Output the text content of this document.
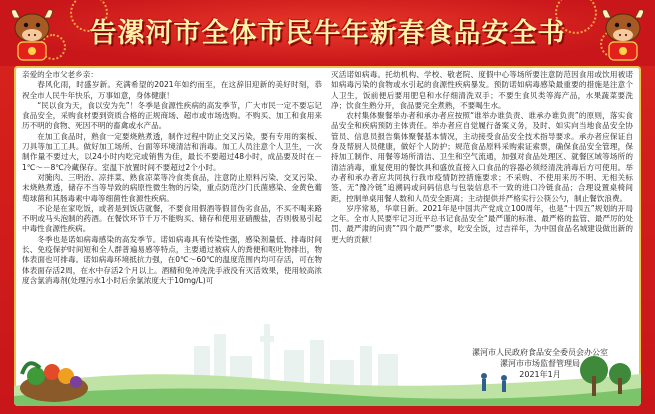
告漯河市全体市民牛年新春食品安全书

亲爱的全市父老乡亲：

春风化雨，时盛岁新。充满希望的2021年如约而至，在这辞旧迎新的美好时刻，恭祝全市人民牛年快乐，万事如意，身体健康！

“民以食为天，食以安为先”！冬季是食源性疾病的高发季节，广大市民一定不要忘记食品安全，采购食材要到资质合格的正规商场、超市或市场选购。不购买、加工和食用来历不明的食物、死因不明的畜禽或水产品。

在加工食品时，熟食一定要烧熟煮透，制作过程中防止交叉污染，要有专用的案板、刀具等加工工具。做好加工场所、台面等环境清洁和消毒。加工人员注意个人卫生，一次制作量不要过大，以24小时内吃完或销售为佳，最长不要超过48小时，成品要及时在－1℃～－8℃冷藏保存。室温下放置时间不要超过2个小时。

对腌肉、三明治、凉拌菜、熟食凉菜等冷食类食品，注意防止原料污染、交叉污染、未烧熟煮透，储存不当等导致的病原性微生物的污染，重点防范沙门氏菌感染、金黄色葡萄球菌和其肠毒素中毒等细菌性食源性疾病。

不论是在家吃饭，或者是到饭店就餐，不要食用假酒等假冒伪劣食品，不买不喝来路不明或马头泡制的药酒。在餐饮环节千万不能购买、储存和使用亚硝酸盐，否则极易引起中毒性食源性疾病。

冬季也是诺如病毒感染的高发季节。诺如病毒具有传染性强，感染剂量低、排毒时间长、免疫保护时间短和全人群普遍易感等特点，主要通过被病人的粪便和呕吐物排出，物体表面也可排毒。诺如病毒环境抵抗力强，在0℃～60℃的温度范围内均可存活，可在物体表面存活2周，在水中存活2个月以上。酒精和免冲洗洗手液没有灭活效果，使用较高浓度含氯消毒剂(处理污水1小时后余氯浓度大于10mg/L)可

灭活诺如病毒。托幼机构、学校、敬老院、度假中心等场所要注意防范因食用或饮用被诺如病毒污染的食物或水引起的食源性疾病暴发。预防诺如病毒感染最重要的措施是注意个人卫生，饭前便后要用肥皂和水仔细清洗双手；不要生食贝类等海产品，水果蔬菜要洗净；饮食生熟分开，食品要完全煮熟，不要喝生水。

农村集体聚餐举办者和承办者应按照“谁举办谁负责、谁承办谁负责”的原则，落实食品安全和疾病预防主体责任。举办者应自觉履行备案义务，及时、如实向当地食品安全协管员、信息员报告集体聚餐基本情况，主动接受食品安全技术指导要求。承办者应保证自身及帮厨人员健康，做好个人防护；规范食品原料采购索证索票，确保食品安全管理，保持加工制作、用餐等场所清洁、卫生和空气流通，加强对食品处理区、就餐区域等场所的清洁消毒，重复使用的餐饮具和盛放直接入口食品的容器必须经清洗消毒后方可使用。举办者和承办者应共同执行我市疫情防控措施要求；不采购、不使用来历不明、无相关标签、无“豫冷链”追溯码或问码信息与包装信息不一致的进口冷链食品；合理设置桌椅间距，控制单桌用餐人数和人员安全距离；主动提供并严格实行公筷公勺，制止餐饮浪费。

岁序常易，华章日新。2021年是中国共产党成立100周年，也是“十四五”规划的开局之年。全市人民要牢记习近平总书记食品安全“最严谨的标准、最严格的监管、最严厉的处罚、最严肃的问责”“四个最严”要求，吃安全饭，过吉祥年，为中国食品名城建设做出新的更大的贡献！

漯河市人民政府食品安全委员会办公室
漯河市市场监督管理局
2021年1月
